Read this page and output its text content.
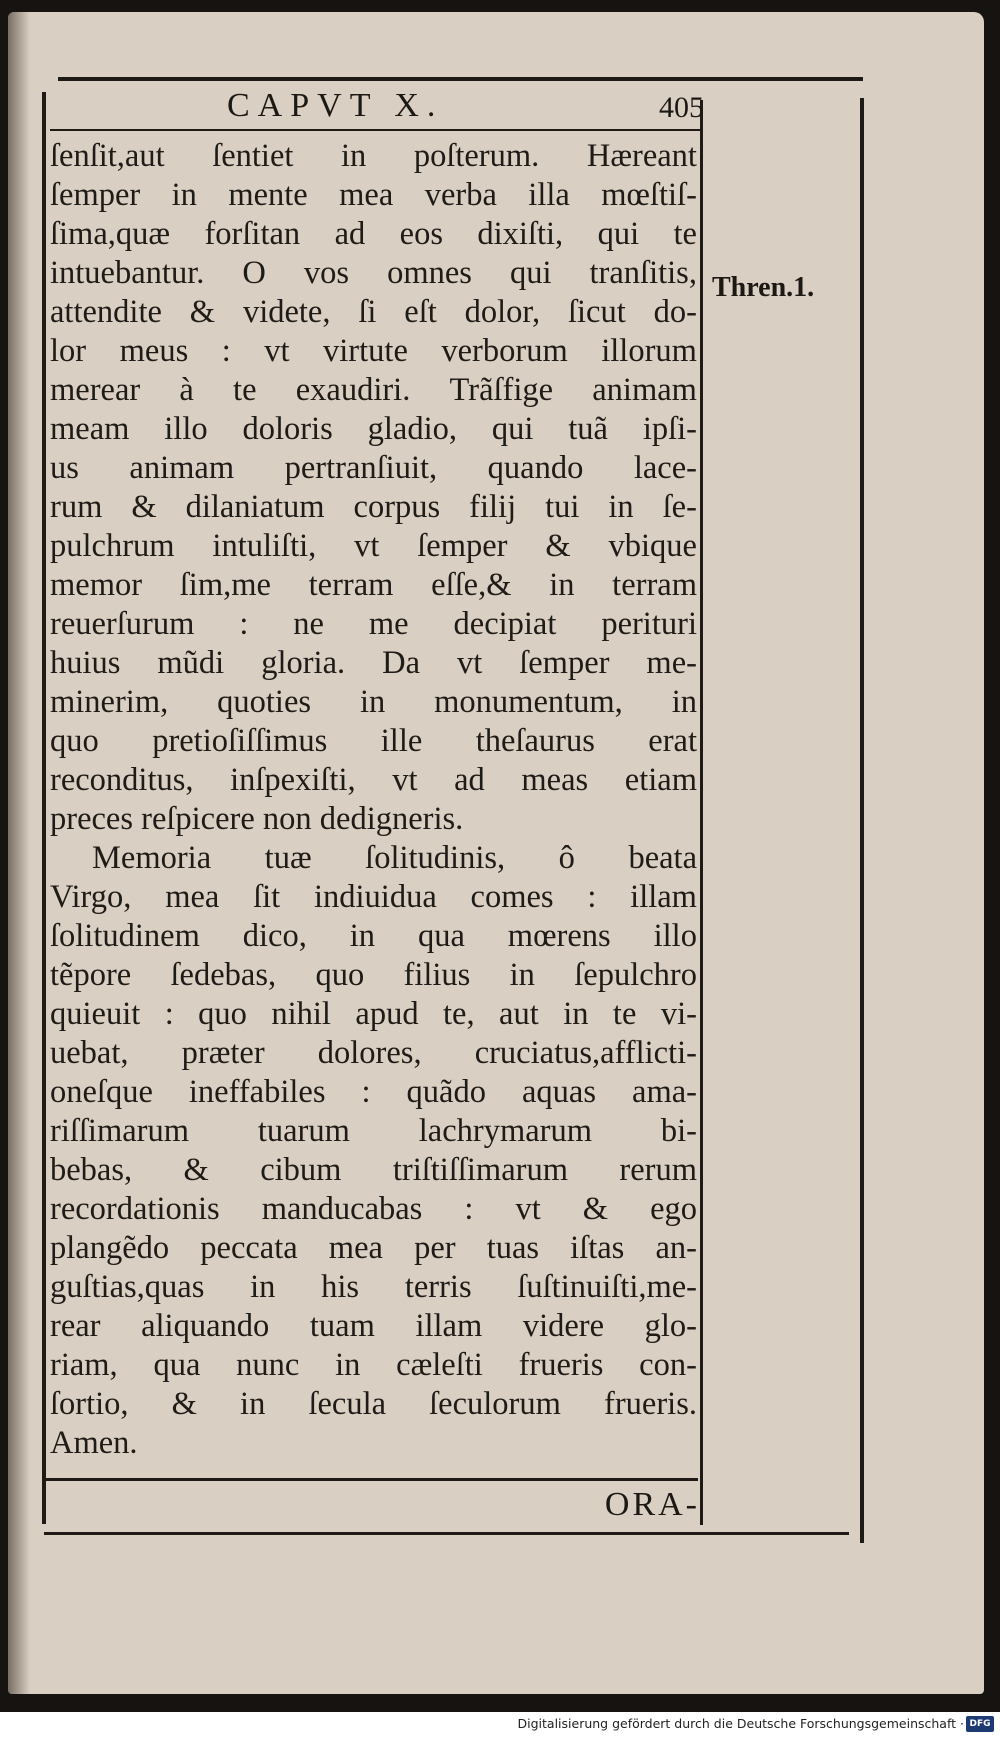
CAPVT X.	405
Thren.1.
ſenſit,aut ſentiet in poſterum. Hæreant
ſemper in mente mea verba illa mœſtiſ-
ſima,quæ forſitan ad eos dixiſti, qui te
intuebantur. O vos omnes qui tranſitis,
attendite & videte, ſi eſt dolor, ſicut do-
lor meus : vt virtute verborum illorum
merear à te exaudiri. Trãſfige animam
meam illo doloris gladio, qui tuã ipſi-
us animam pertranſiuit, quando lace-
rum & dilaniatum corpus filij tui in ſe-
pulchrum intuliſti, vt ſemper & vbique
memor ſim,me terram eſſe,& in terram
reuerſurum : ne me decipiat perituri
huius mũdi gloria. Da vt ſemper me-
minerim, quoties in monumentum, in
quo pretioſiſſimus ille theſaurus erat
reconditus, inſpexiſti, vt ad meas etiam
preces reſpicere non dedigneris.
Memoria tuæ ſolitudinis, ô beata
Virgo, mea ſit indiuidua comes : illam
ſolitudinem dico, in qua mœrens illo
tẽpore ſedebas, quo filius in ſepulchro
quieuit : quo nihil apud te, aut in te vi-
uebat, præter dolores, cruciatus,afflicti-
oneſque ineffabiles : quãdo aquas ama-
riſſimarum tuarum lachrymarum bi-
bebas, & cibum triſtiſſimarum rerum
recordationis manducabas : vt & ego
plangẽdo peccata mea per tuas iſtas an-
guſtias,quas in his terris ſuſtinuiſti,me-
rear aliquando tuam illam videre glo-
riam, qua nunc in cæleſti frueris con-
ſortio, & in ſecula ſeculorum frueris.
Amen.
ORA-
Digitalisierung gefördert durch die Deutsche Forschungsgemeinschaft · DFG
